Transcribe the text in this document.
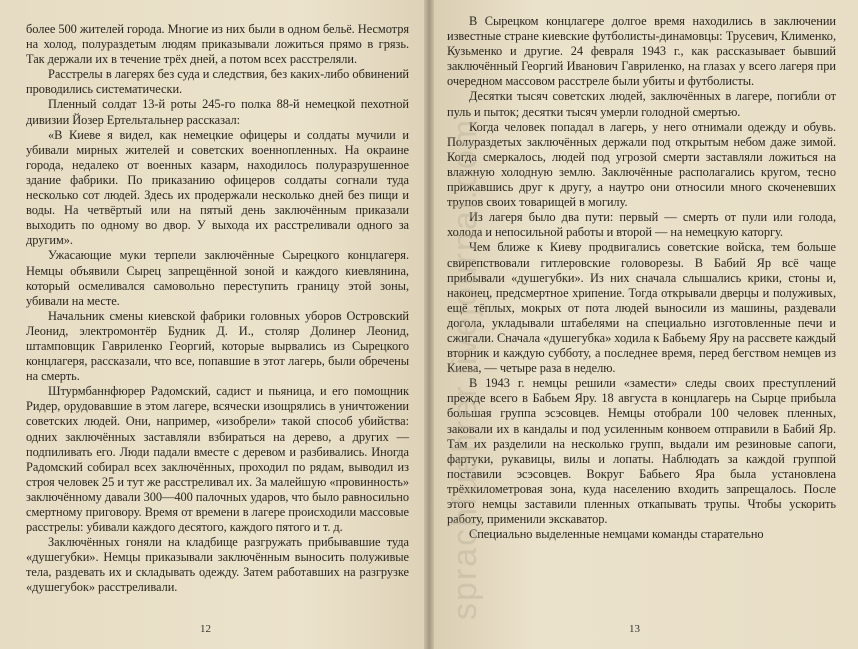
более 500 жителей города. Многие из них были в одном бельё. Несмотря на холод, полураздетым людям приказывали ложиться прямо в грязь. Так держали их в течение трёх дней, а потом всех расстреляли.

Расстрелы в лагерях без суда и следствия, без каких-либо обвинений проводились систематически.

Пленный солдат 13-й роты 245-го полка 88-й немецкой пехотной дивизии Йозер Ертельтальнер рассказал:

«В Киеве я видел, как немецкие офицеры и солдаты мучили и убивали мирных жителей и советских военнопленных. На окраине города, недалеко от военных казарм, находилось полуразрушенное здание фабрики. По приказанию офицеров солдаты согнали туда несколько сот людей. Здесь их продержали несколько дней без пищи и воды. На четвёртый или на пятый день заключённым приказали выходить по одному во двор. У выхода их расстреливали одного за другим».

Ужасающие муки терпели заключённые Сырецкого концлагеря. Немцы объявили Сырец запрещённой зоной и каждого киевлянина, который осмеливался самовольно переступить границу этой зоны, убивали на месте.

Начальник смены киевской фабрики головных уборов Островский Леонид, электромонтёр Будник Д. И., столяр Долинер Леонид, штамповщик Гавриленко Георгий, которые вырвались из Сырецкого концлагеря, рассказали, что все, попавшие в этот лагерь, были обречены на смерть.

Штурмбаннфюрер Радомский, садист и пьяница, и его помощник Ридер, орудовавшие в этом лагере, всячески изощрялись в уничтожении советских людей. Они, например, «изобрели» такой способ убийства: одних заключённых заставляли взбираться на дерево, а других — подпиливать его. Люди падали вместе с деревом и разбивались. Иногда Радомский собирал всех заключённых, проходил по рядам, выводил из строя человек 25 и тут же расстреливал их. За малейшую «провинность» заключённому давали 300—400 палочных ударов, что было равносильно смертному приговору. Время от времени в лагере происходили массовые расстрелы: убивали каждого десятого, каждого пятого и т. д.

Заключённых гоняли на кладбище разгружать прибывавшие туда «душегубки». Немцы приказывали заключённым выносить полуживые тела, раздевать их и складывать одежду. Затем работавших на разгрузке «душегубок» расстреливали.

12

В Сырецком концлагере долгое время находились в заключении известные стране киевские футболисты-динамовцы: Трусевич, Клименко, Кузьменко и другие. 24 февраля 1943 г., как рассказывает бывший заключённый Георгий Иванович Гавриленко, на глазах у всего лагеря при очередном массовом расстреле были убиты и футболисты.

Десятки тысяч советских людей, заключённых в лагере, погибли от пуль и пыток; десятки тысяч умерли голодной смертью.

Когда человек попадал в лагерь, у него отнимали одежду и обувь. Полураздетых заключённых держали под открытым небом даже зимой. Когда смеркалось, людей под угрозой смерти заставляли ложиться на влажную холодную землю. Заключённые располагались кругом, тесно прижавшись друг к другу, а наутро они относили много скоченевших трупов своих товарищей в могилу.

Из лагеря было два пути: первый — смерть от пули или голода, холода и непосильной работы и второй — на немецкую каторгу.

Чем ближе к Киеву продвигались советские войска, тем больше свирепствовали гитлеровские головорезы. В Бабий Яр всё чаще прибывали «душегубки». Из них сначала слышались крики, стоны и, наконец, предсмертное хрипение. Тогда открывали дверцы и полуживых, ещё тёплых, мокрых от пота людей выносили из машины, раздевали догола, укладывали штабелями на специально изготовленные печи и сжигали. Сначала «душегубка» ходила к Бабьему Яру на рассвете каждый вторник и каждую субботу, а последнее время, перед бегством немцев из Киева, — четыре раза в неделю.

В 1943 г. немцы решили «замести» следы своих преступлений прежде всего в Бабьем Яру. 18 августа в концлагерь на Сырце прибыла большая группа эсэсовцев. Немцы отобрали 100 человек пленных, заковали их в кандалы и под усиленным конвоем отправили в Бабий Яр. Там их разделили на несколько групп, выдали им резиновые сапоги, фартуки, рукавицы, вилы и лопаты. Наблюдать за каждой группой поставили эсэсовцев. Вокруг Бабьего Яра была установлена трёхкилометровая зона, куда населению входить запрещалось. После этого немцы заставили пленных откапывать трупы. Чтобы ускорить работу, применили экскаватор.

Специально выделенные немцами команды старательно

13
sprachfuehrer.livejournal.com
